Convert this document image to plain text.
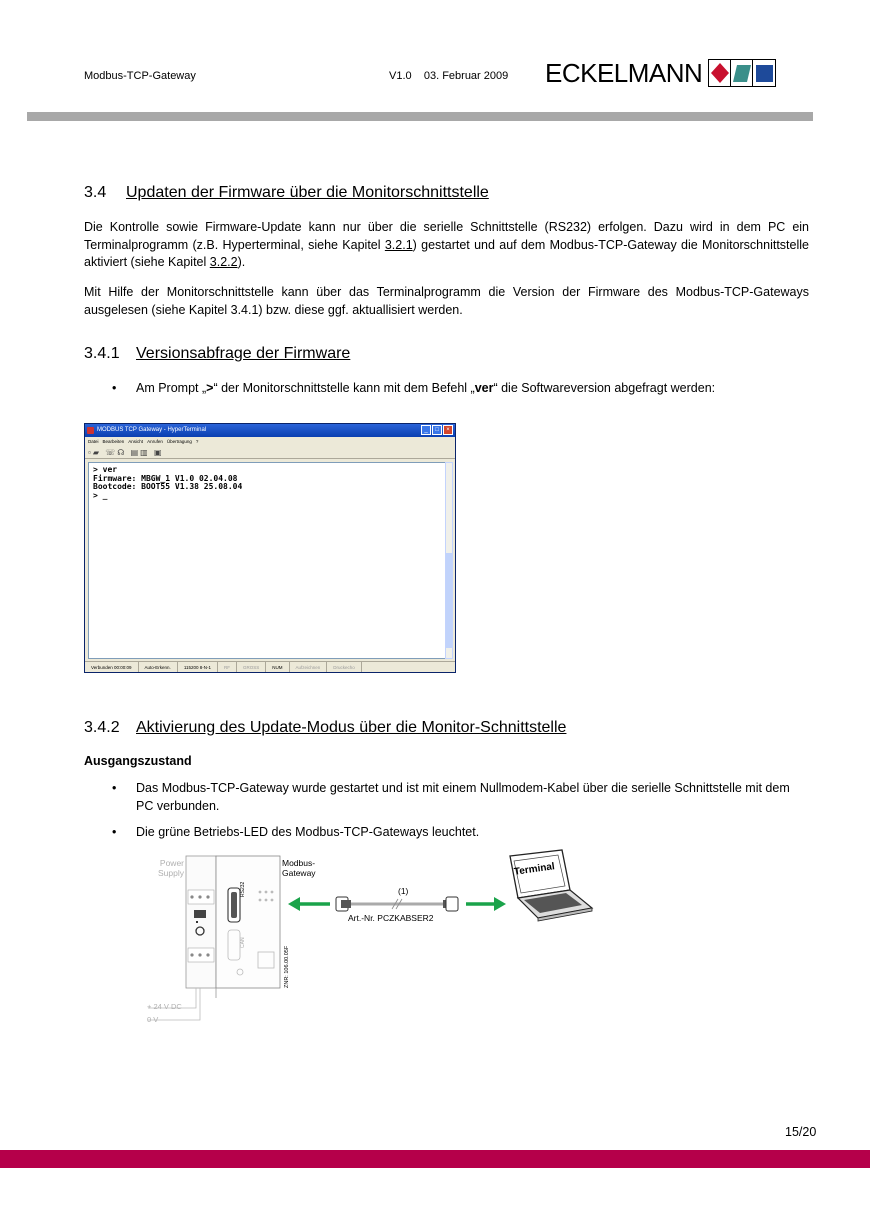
Modbus-TCP-Gateway	V1.0    03. Februar 2009 ECKELMANN
3.4 Updaten der Firmware über die Monitorschnittstelle

Die Kontrolle sowie Firmware-Update kann nur über die serielle Schnittstelle (RS232) erfolgen. Dazu wird in dem PC ein Terminalprogramm (z.B. Hyperterminal, siehe Kapitel 3.2.1) gestartet und auf dem Modbus-TCP-Gateway die Monitorschnittstelle aktiviert (siehe Kapitel 3.2.2).

Mit Hilfe der Monitorschnittstelle kann über das Terminalprogramm die Version der Firmware des Modbus-TCP-Gateways ausgelesen (siehe Kapitel 3.4.1) bzw. diese ggf. aktuallisiert werden.

3.4.1 Versionsabfrage der Firmware
• Am Prompt „>“ der Monitorschnittstelle kann mit dem Befehl „ver“ die Softwareversion abgefragt werden:
MODBUS TCP Gateway - HyperTerminal	_	□	×
Datei Bearbeiten Ansicht Anrufen Übertragung ?
▫▰ ☏☊ ▤▥ ▣
> ver
Firmware: MBGW_1 V1.0 02.04.08
Bootcode: BOOT55 V1.38 25.08.04
> _
Verbunden 00:00:09	Auto-Erkenn.	115200 8-N-1	RF	GROSS	NUM	Aufzeichnen	Druckecho
3.4.2 Aktivierung des Update-Modus über die Monitor-Schnittstelle
Ausgangszustand
• Das Modbus-TCP-Gateway wurde gestartet und ist mit einem Nullmodem-Kabel über die serielle Schnittstelle mit dem PC verbunden.
• Die grüne Betriebs-LED des Modbus-TCP-Gateways leuchtet.
Power
Supply
Modbus-
Gateway
(1)
Art.-Nr. PCZKABSER2
Terminal
+ 24 V DC
0 V
RS232
CAN
ZNR: 106.00.05F
15/20
